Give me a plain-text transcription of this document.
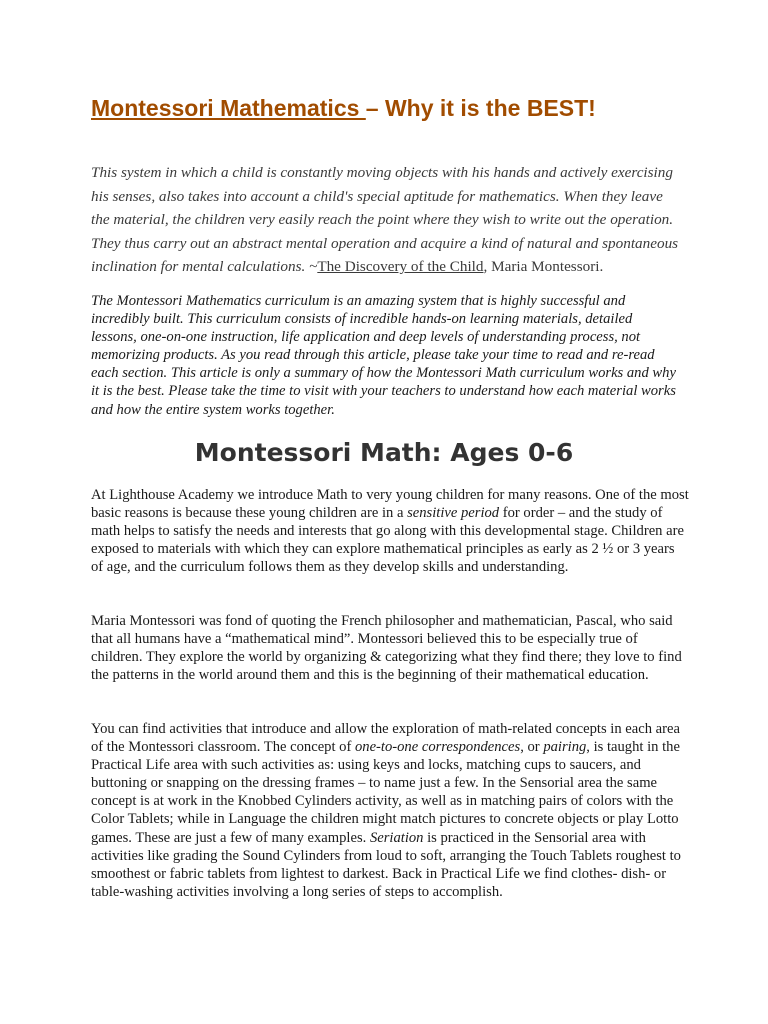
Montessori Mathematics – Why it is the BEST!
This system in which a child is constantly moving objects with his hands and actively exercising his senses, also takes into account a child's special aptitude for mathematics. When they leave the material, the children very easily reach the point where they wish to write out the operation. They thus carry out an abstract mental operation and acquire a kind of natural and spontaneous inclination for mental calculations. ~The Discovery of the Child, Maria Montessori.
The Montessori Mathematics curriculum is an amazing system that is highly successful and incredibly built. This curriculum consists of incredible hands-on learning materials, detailed lessons, one-on-one instruction, life application and deep levels of understanding process, not memorizing products. As you read through this article, please take your time to read and re-read each section. This article is only a summary of how the Montessori Math curriculum works and why it is the best. Please take the time to visit with your teachers to understand how each material works and how the entire system works together.
Montessori Math: Ages 0-6
At Lighthouse Academy we introduce Math to very young children for many reasons. One of the most basic reasons is because these young children are in a sensitive period for order – and the study of math helps to satisfy the needs and interests that go along with this developmental stage. Children are exposed to materials with which they can explore mathematical principles as early as 2 ½ or 3 years of age, and the curriculum follows them as they develop skills and understanding.
Maria Montessori was fond of quoting the French philosopher and mathematician, Pascal, who said that all humans have a “mathematical mind”. Montessori believed this to be especially true of children. They explore the world by organizing & categorizing what they find there; they love to find the patterns in the world around them and this is the beginning of their mathematical education.
You can find activities that introduce and allow the exploration of math-related concepts in each area of the Montessori classroom. The concept of one-to-one correspondences, or pairing, is taught in the Practical Life area with such activities as: using keys and locks, matching cups to saucers, and buttoning or snapping on the dressing frames – to name just a few. In the Sensorial area the same concept is at work in the Knobbed Cylinders activity, as well as in matching pairs of colors with the Color Tablets; while in Language the children might match pictures to concrete objects or play Lotto games. These are just a few of many examples. Seriation is practiced in the Sensorial area with activities like grading the Sound Cylinders from loud to soft, arranging the Touch Tablets roughest to smoothest or fabric tablets from lightest to darkest. Back in Practical Life we find clothes- dish- or table-washing activities involving a long series of steps to accomplish.
